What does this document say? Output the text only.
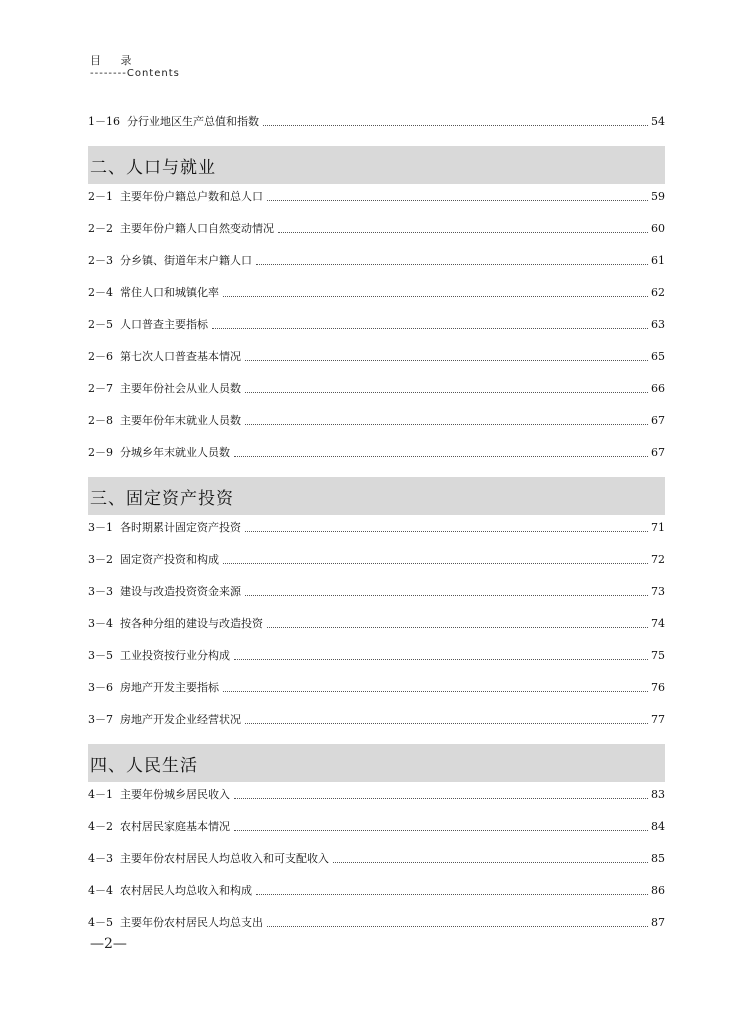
目 录
--------Contents
1－16 分行业地区生产总值和指数	54
二、人口与就业
2－1 主要年份户籍总户数和总人口	59
2－2 主要年份户籍人口自然变动情况	60
2－3 分乡镇、街道年末户籍人口	61
2－4 常住人口和城镇化率	62
2－5 人口普查主要指标	63
2－6 第七次人口普查基本情况	65
2－7 主要年份社会从业人员数	66
2－8 主要年份年末就业人员数	67
2－9 分城乡年末就业人员数	67
三、固定资产投资
3－1 各时期累计固定资产投资	71
3－2 固定资产投资和构成	72
3－3 建设与改造投资资金来源	73
3－4 按各种分组的建设与改造投资	74
3－5 工业投资按行业分构成	75
3－6 房地产开发主要指标	76
3－7 房地产开发企业经营状况	77
四、人民生活
4－1 主要年份城乡居民收入	83
4－2 农村居民家庭基本情况	84
4－3 主要年份农村居民人均总收入和可支配收入	85
4－4 农村居民人均总收入和构成	86
4－5 主要年份农村居民人均总支出	87
—2—
